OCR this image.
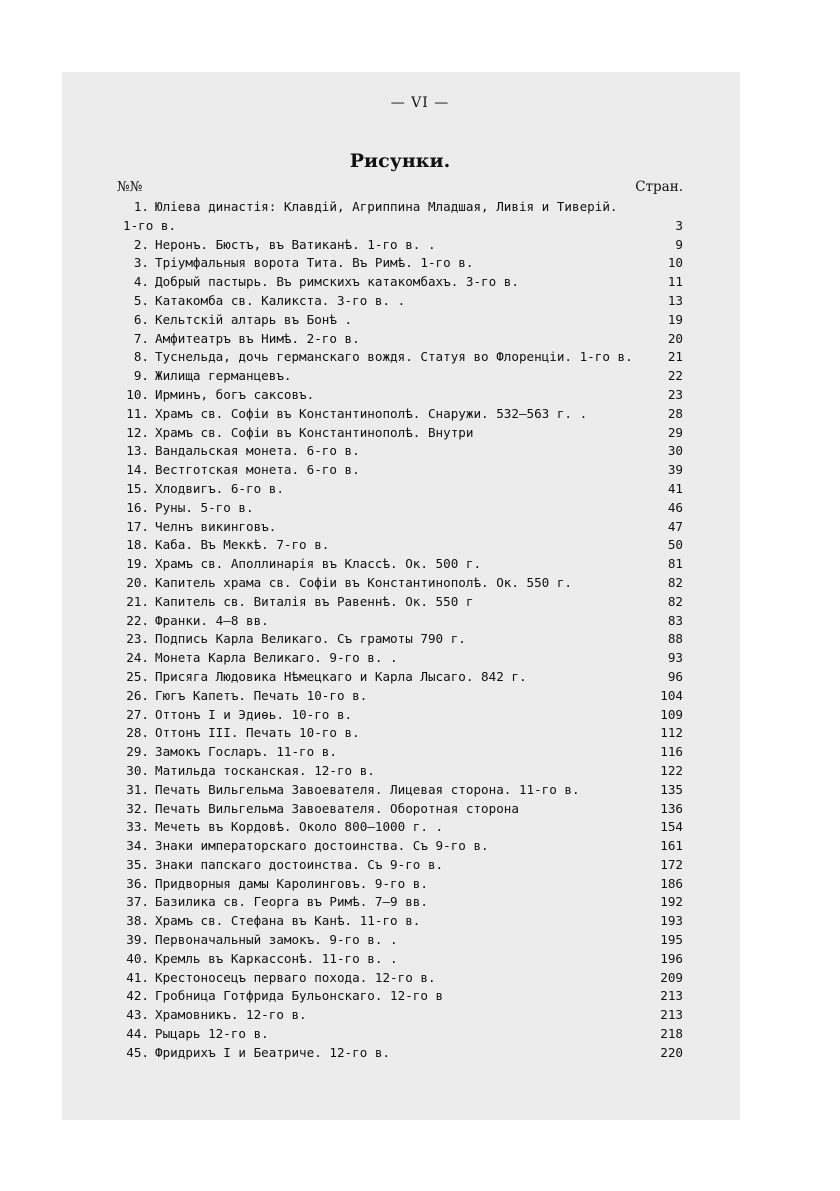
— VI —
Рисунки.
№№	Стран.
1. Юліева династія: Клавдій, Агриппина Младшая, Ливія и Тиверій.
1-го в.	3
2. Неронъ. Бюстъ, въ Ватиканѣ. 1-го в. .	9
3. Тріумфальныя ворота Тита. Въ Римѣ. 1-го в.	10
4. Добрый пастырь. Въ римскихъ катакомбахъ. 3-го в.	11
5. Катакомба св. Каликста. 3-го в. .	13
6. Кельтскій алтарь въ Бонѣ .	19
7. Амфитеатръ въ Нимѣ. 2-го в.	20
8. Туснельда, дочь германскаго вождя. Статуя во Флоренціи. 1-го в.	21
9. Жилища германцевъ.	22
10. Ирминъ, богъ саксовъ.	23
11. Храмъ св. Софіи въ Константинополѣ. Снаружи. 532—563 г. .	28
12. Храмъ св. Софіи въ Константинополѣ. Внутри	29
13. Вандальская монета. 6-го в.	30
14. Вестготская монета. 6-го в.	39
15. Хлодвигъ. 6-го в.	41
16. Руны. 5-го в.	46
17. Челнъ викинговъ.	47
18. Каба. Въ Меккѣ. 7-го в.	50
19. Храмъ св. Аполлинарія въ Классѣ. Ок. 500 г.	81
20. Капитель храма св. Софіи въ Константинополѣ. Ок. 550 г.	82
21. Капитель св. Виталія въ Равеннѣ. Ок. 550 г	82
22. Франки. 4—8 вв.	83
23. Подпись Карла Великаго. Съ грамоты 790 г.	88
24. Монета Карла Великаго. 9-го в. .	93
25. Присяга Людовика Нѣмецкаго и Карла Лысаго. 842 г.	96
26. Гюгъ Капетъ. Печать 10-го в.	104
27. Оттонъ I и Эдиѳь. 10-го в.	109
28. Оттонъ III. Печать 10-го в.	112
29. Замокъ Госларъ. 11-го в.	116
30. Матильда тосканская. 12-го в.	122
31. Печать Вильгельма Завоевателя. Лицевая сторона. 11-го в.	135
32. Печать Вильгельма Завоевателя. Оборотная сторона	136
33. Мечеть въ Кордовѣ. Около 800—1000 г. .	154
34. Знаки императорскаго достоинства. Съ 9-го в.	161
35. Знаки папскаго достоинства. Съ 9-го в.	172
36. Придворныя дамы Каролинговъ. 9-го в.	186
37. Базилика св. Георга въ Римѣ. 7—9 вв.	192
38. Храмъ св. Стефана въ Канѣ. 11-го в.	193
39. Первоначальный замокъ. 9-го в. .	195
40. Кремль въ Каркассонѣ. 11-го в. .	196
41. Крестоносецъ перваго похода. 12-го в.	209
42. Гробница Готфрида Бульонскаго. 12-го в	213
43. Храмовникъ. 12-го в.	213
44. Рыцарь 12-го в.	218
45. Фридрихъ I и Беатриче. 12-го в.	220
